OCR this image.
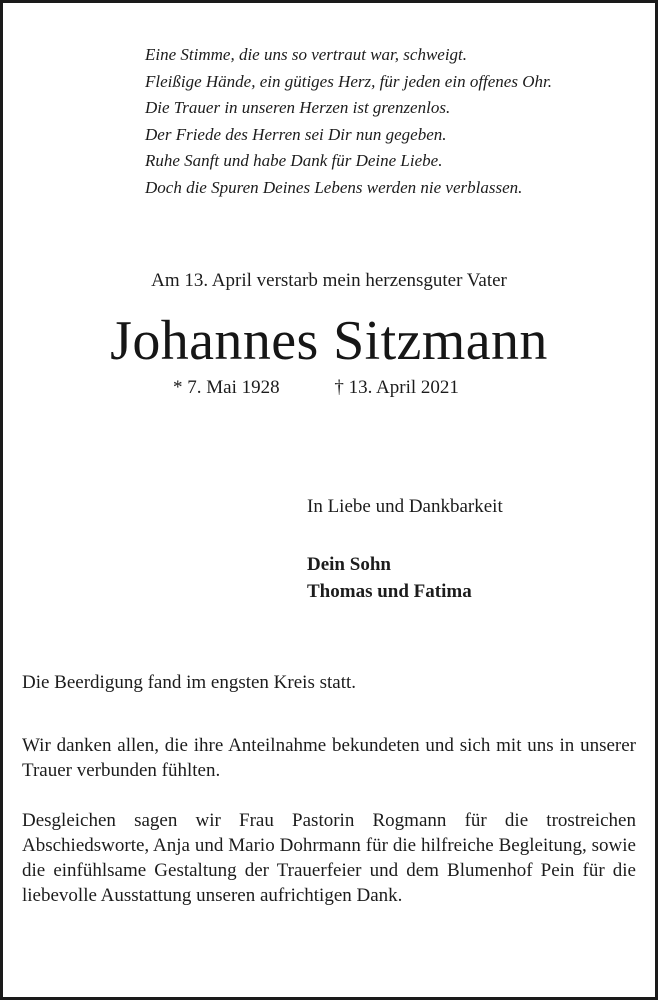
Eine Stimme, die uns so vertraut war, schweigt.
Fleißige Hände, ein gütiges Herz, für jeden ein offenes Ohr.
Die Trauer in unseren Herzen ist grenzenlos.
Der Friede des Herren sei Dir nun gegeben.
Ruhe Sanft und habe Dank für Deine Liebe.
Doch die Spuren Deines Lebens werden nie verblassen.
Am 13. April verstarb mein herzensguter Vater
Johannes Sitzmann
* 7. Mai 1928	† 13. April 2021
In Liebe und Dankbarkeit
Dein Sohn
Thomas und Fatima
Die Beerdigung fand im engsten Kreis statt.
Wir danken allen, die ihre Anteilnahme bekundeten und sich mit uns in unserer Trauer verbunden fühlten.
Desgleichen sagen wir Frau Pastorin Rogmann für die trostreichen Abschiedsworte, Anja und Mario Dohrmann für die hilfreiche Begleitung, sowie die einfühlsame Gestaltung der Trauerfeier und dem Blumenhof Pein für die liebevolle Ausstattung unseren aufrichtigen Dank.
